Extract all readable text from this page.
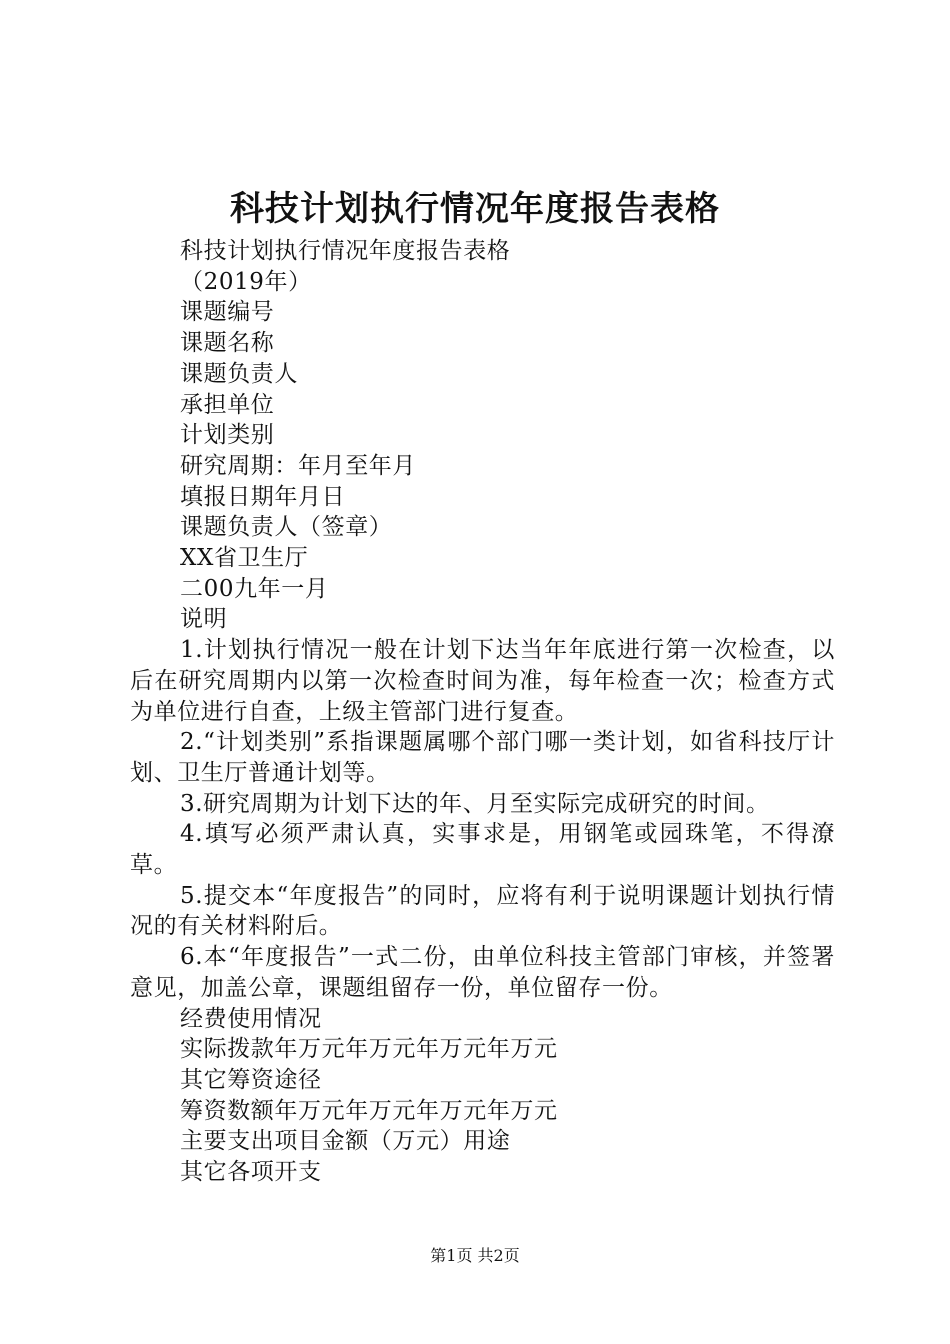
科技计划执行情况年度报告表格

科技计划执行情况年度报告表格

（2019年）

课题编号

课题名称

课题负责人

承担单位

计划类别

研究周期：年月至年月

填报日期年月日

课题负责人（签章）

XX省卫生厅

二00九年一月

说明

1.计划执行情况一般在计划下达当年年底进行第一次检查，以后在研究周期内以第一次检查时间为准，每年检查一次；检查方式为单位进行自查，上级主管部门进行复查。

2.“计划类别”系指课题属哪个部门哪一类计划，如省科技厅计划、卫生厅普通计划等。

3.研究周期为计划下达的年、月至实际完成研究的时间。

4.填写必须严肃认真，实事求是，用钢笔或园珠笔，不得潦草。

5.提交本“年度报告”的同时，应将有利于说明课题计划执行情况的有关材料附后。

6.本“年度报告”一式二份，由单位科技主管部门审核，并签署意见，加盖公章，课题组留存一份，单位留存一份。

经费使用情况

实际拨款年万元年万元年万元年万元

其它筹资途径

筹资数额年万元年万元年万元年万元

主要支出项目金额（万元）用途

其它各项开支

第1页 共2页
